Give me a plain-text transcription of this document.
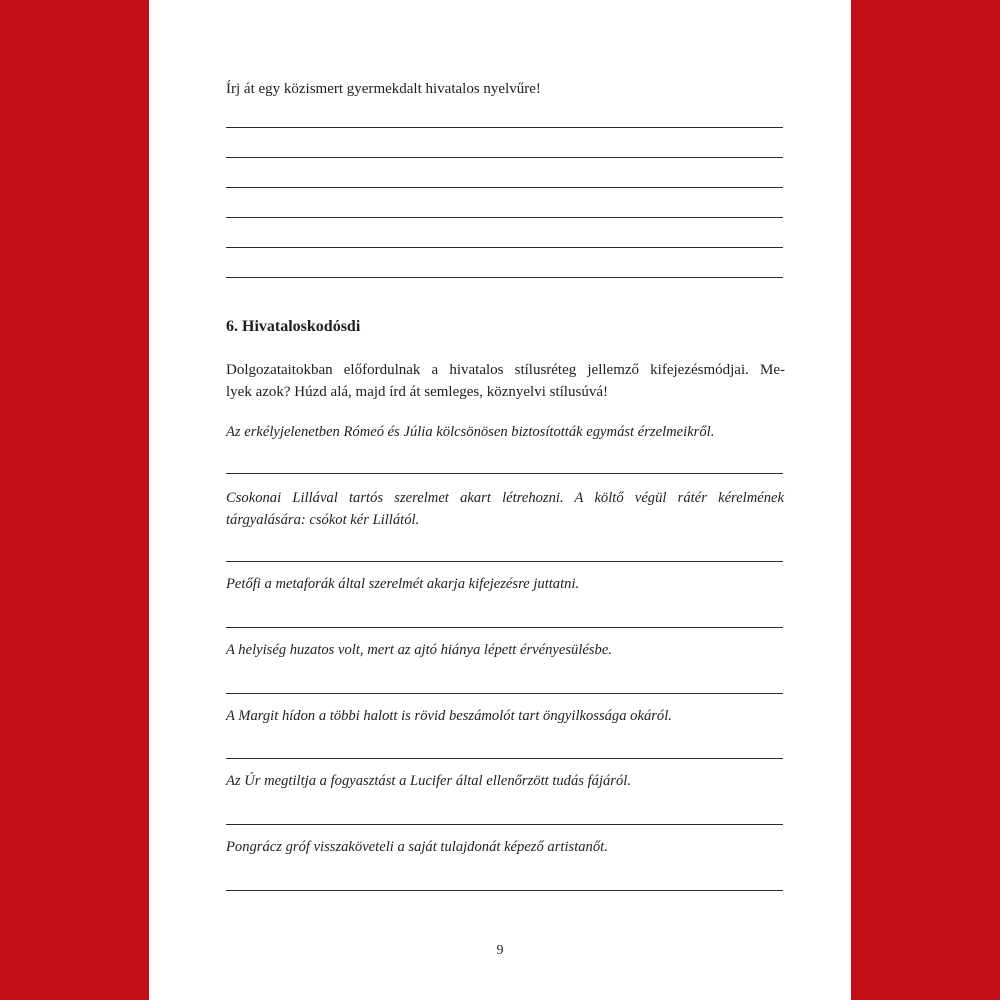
Írj át egy közismert gyermekdalt hivatalos nyelvűre!

6. Hivataloskodósdi

Dolgozataitokban előfordulnak a hivatalos stílusréteg jellemző kifejezésmódjai. Me-
lyek azok? Húzd alá, majd írd át semleges, köznyelvi stílusúvá!

Az erkélyjelenetben Rómeó és Júlia kölcsönösen biztosították egymást érzelmeikről.

Csokonai Lillával tartós szerelmet akart létrehozni. A költő végül rátér kérelmének
tárgyalására: csókot kér Lillától.

Petőfi a metaforák által szerelmét akarja kifejezésre juttatni.

A helyiség huzatos volt, mert az ajtó hiánya lépett érvényesülésbe.

A Margit hídon a többi halott is rövid beszámolót tart öngyilkossága okáról.

Az Úr megtiltja a fogyasztást a Lucifer által ellenőrzött tudás fájáról.

Pongrácz gróf visszaköveteli a saját tulajdonát képező artistanőt.

9
